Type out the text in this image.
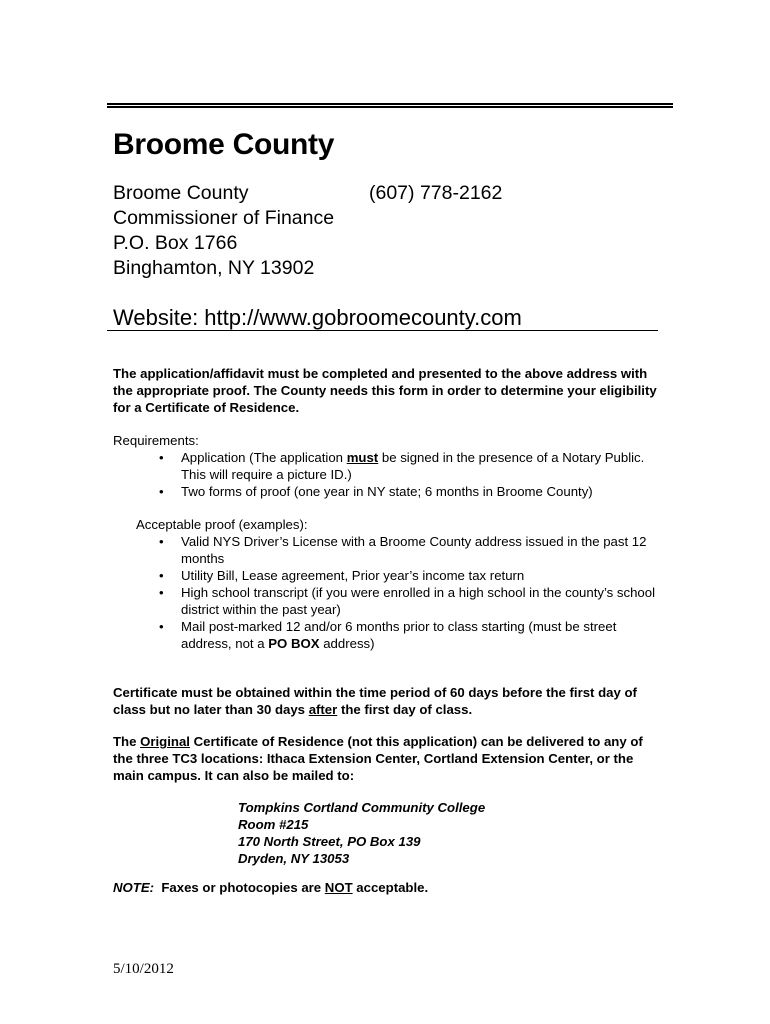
Broome County
Broome County
Commissioner of Finance
P.O. Box 1766
Binghamton, NY 13902
(607) 778-2162
Website: http://www.gobroomecounty.com
The application/affidavit must be completed and presented to the above address with the appropriate proof. The County needs this form in order to determine your eligibility for a Certificate of Residence.
Requirements:
• Application (The application must be signed in the presence of a Notary Public. This will require a picture ID.)
• Two forms of proof (one year in NY state; 6 months in Broome County)
Acceptable proof (examples):
• Valid NYS Driver’s License with a Broome County address issued in the past 12 months
• Utility Bill, Lease agreement, Prior year’s income tax return
• High school transcript (if you were enrolled in a high school in the county’s school district within the past year)
• Mail post-marked 12 and/or 6 months prior to class starting (must be street address, not a PO BOX address)
Certificate must be obtained within the time period of 60 days before the first day of class but no later than 30 days after the first day of class.
The Original Certificate of Residence (not this application) can be delivered to any of the three TC3 locations: Ithaca Extension Center, Cortland Extension Center, or the main campus. It can also be mailed to:
Tompkins Cortland Community College
Room #215
170 North Street, PO Box 139
Dryden, NY 13053
NOTE:  Faxes or photocopies are NOT acceptable.
5/10/2012
